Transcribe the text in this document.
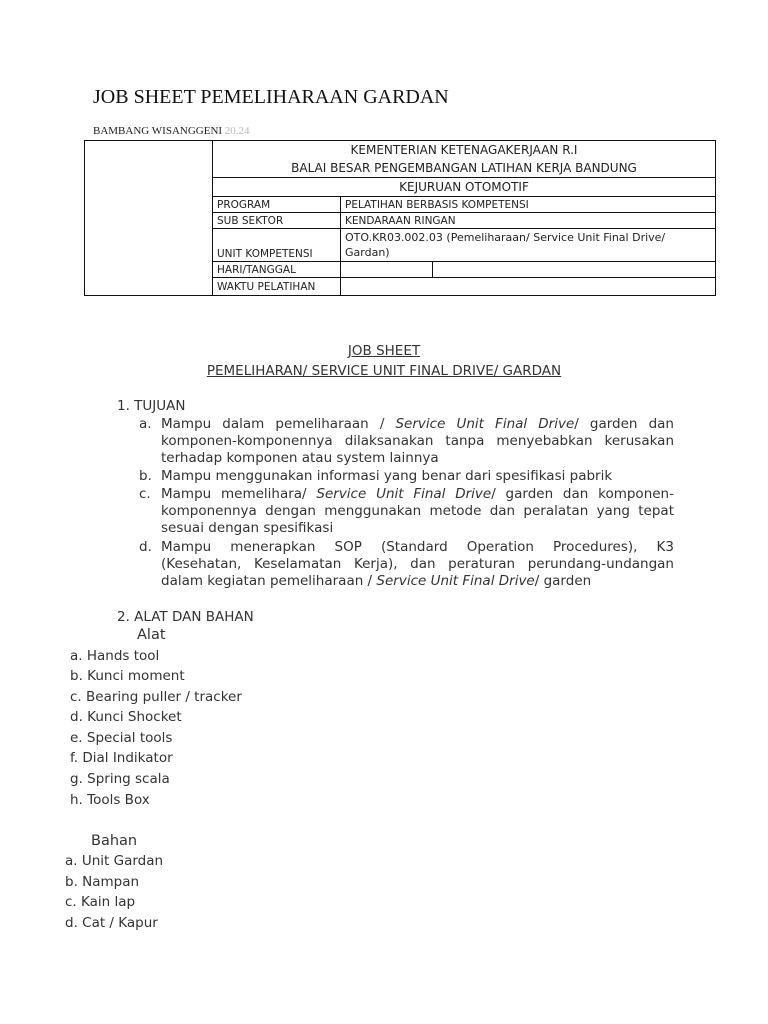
JOB SHEET PEMELIHARAAN GARDAN
BAMBANG WISANGGENI 20.24

	KEMENTERIAN KETENAGAKERJAAN R.I
BALAI BESAR PENGEMBANGAN LATIHAN KERJA BANDUNG		

	KEJURUAN OTOMOTIF		
	PROGRAM	PELATIHAN BERBASIS KOMPETENSI	
	SUB SEKTOR	KENDARAAN RINGAN	
	UNIT KOMPETENSI	OTO.KR03.002.03 (Pemeliharaan/ Service Unit Final Drive/ Gardan)	
	HARI/TANGGAL		
	WAKTU PELATIHAN		
JOB SHEET
PEMELIHARAN/ SERVICE UNIT FINAL DRIVE/ GARDAN
1. TUJUAN
a. Mampu dalam pemeliharaan / Service Unit Final Drive/ garden dan
komponen-komponennya dilaksanakan tanpa menyebabkan kerusakan
terhadap komponen atau system lainnya
b. Mampu menggunakan informasi yang benar dari spesifikasi pabrik
c. Mampu memelihara/ Service Unit Final Drive/ garden dan komponen-
komponennya dengan menggunakan metode dan peralatan yang tepat
sesuai dengan spesifikasi
d. Mampu menerapkan SOP (Standard Operation Procedures), K3
(Kesehatan, Keselamatan Kerja), dan peraturan perundang-undangan
dalam kegiatan pemeliharaan / Service Unit Final Drive/ garden
2. ALAT DAN BAHAN
Alat
a. Hands tool
b. Kunci moment
c. Bearing puller / tracker
d. Kunci Shocket
e. Special tools
f. Dial Indikator
g. Spring scala
h. Tools Box
Bahan
a. Unit Gardan
b. Nampan
c. Kain lap
d. Cat / Kapur
